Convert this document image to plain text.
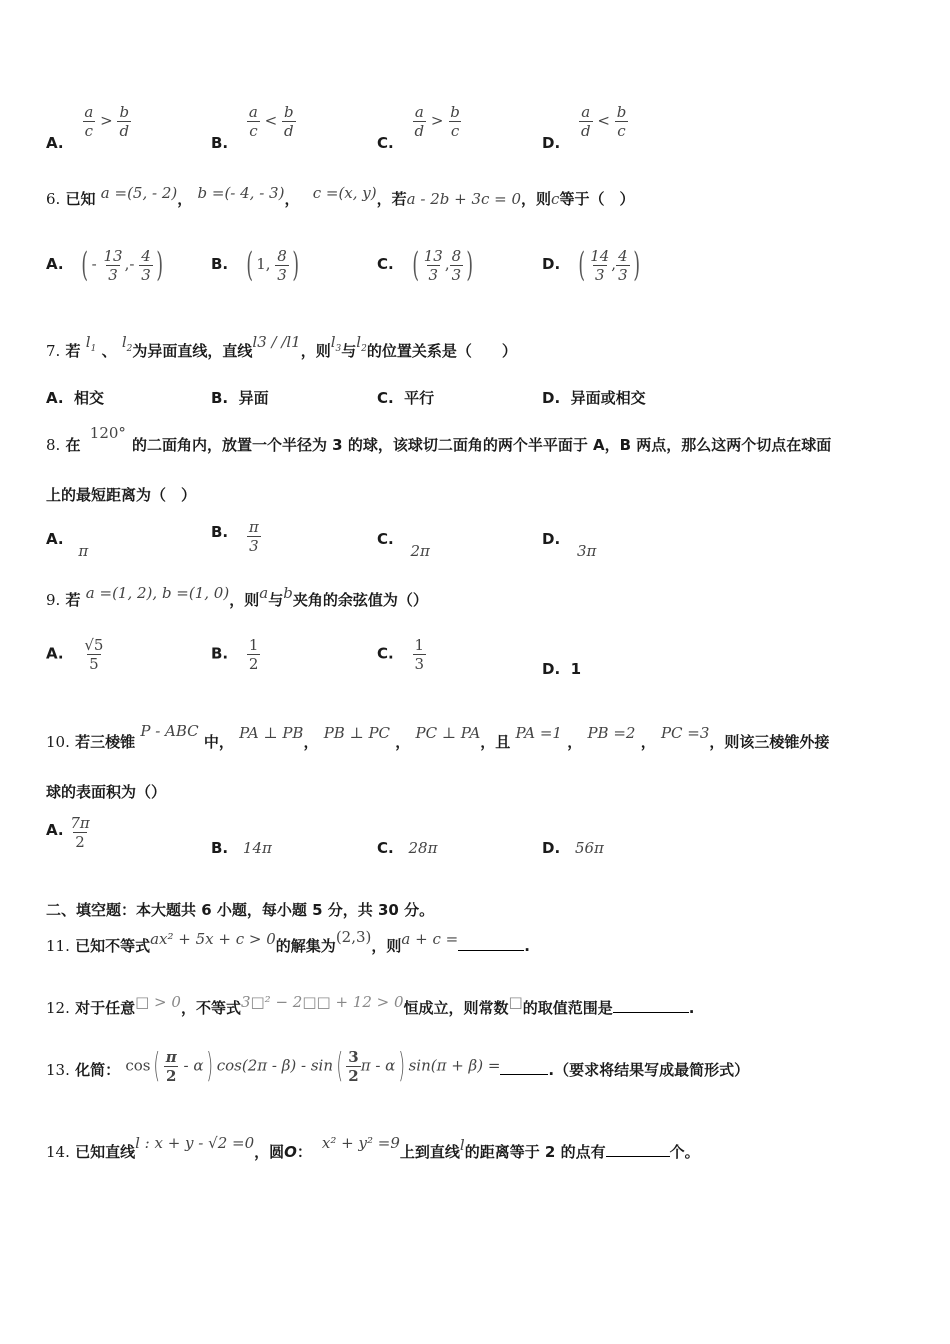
A.
$\frac{a}{c} > \frac{b}{d}$
B.
$\frac{a}{c} < \frac{b}{d}$
C.
$\frac{a}{d} > \frac{b}{c}$
D.
$\frac{a}{d} < \frac{b}{c}$
6. 已知 a =(5, - 2)， b =(- 4, - 3)， c =(x, y)，若a - 2b + 3c = 0，则c等于（　）
A. ( - $\frac{13}{3}$ ,- $\frac{4}{3}$ )	B. ( 1, $\frac{8}{3}$ )	C. ( $\frac{13}{3}$ , $\frac{8}{3}$ )	D. ( $\frac{14}{3}$ , $\frac{4}{3}$ )
7. 若 $l_1$ 、 $l_2$为异面直线，直线l3 / /l1，则$l_3$与$l_2$的位置关系是（　　）
A. 相交	B. 异面	C. 平行	D. 异面或相交
8. 在 120°的二面角内，放置一个半径为 3 的球，该球切二面角的两个半平面于 A，B 两点，那么这两个切点在球面
上的最短距离为（　）
A. π
B. $\frac{\pi}{3}$	C. 2π
D. 3π
9. 若 a =(1, 2), b =(1, 0)，则a与b夹角的余弦值为（）
A. $\frac{√5}{5}$	B. $\frac{1}{2}$	C. $\frac{1}{3}$	D. 1
10. 若三棱锥 P - ABC 中， PA ⊥ PB， PB ⊥ PC ， PC ⊥ PA，且 PA =1 ， PB =2 ， PC =3，则该三棱锥外接
球的表面积为（）
A. $\frac{7\pi}{2}$	B. 14π	C. 28π	D. 56π
二、填空题：本大题共 6 小题，每小题 5 分，共 30 分。
11. 已知不等式ax² + 5x + c > 0的解集为(2,3)，则a + c =	.
12. 对于任意□ > 0，不等式3□² − 2□□ + 12 > 0恒成立，则常数□的取值范围是	.
13. 化简： $\cos( \frac{\pi}{2} - \alpha)$ $\cos(2\pi - \beta) - \sin( \frac{3}{2}$ π - α) sin(π + β) =	.（要求将结果写成最简形式）
14. 已知直线l : x + y - √2 =0，圆O： x² + y² =9上到直线l的距离等于 2 的点有	个。
